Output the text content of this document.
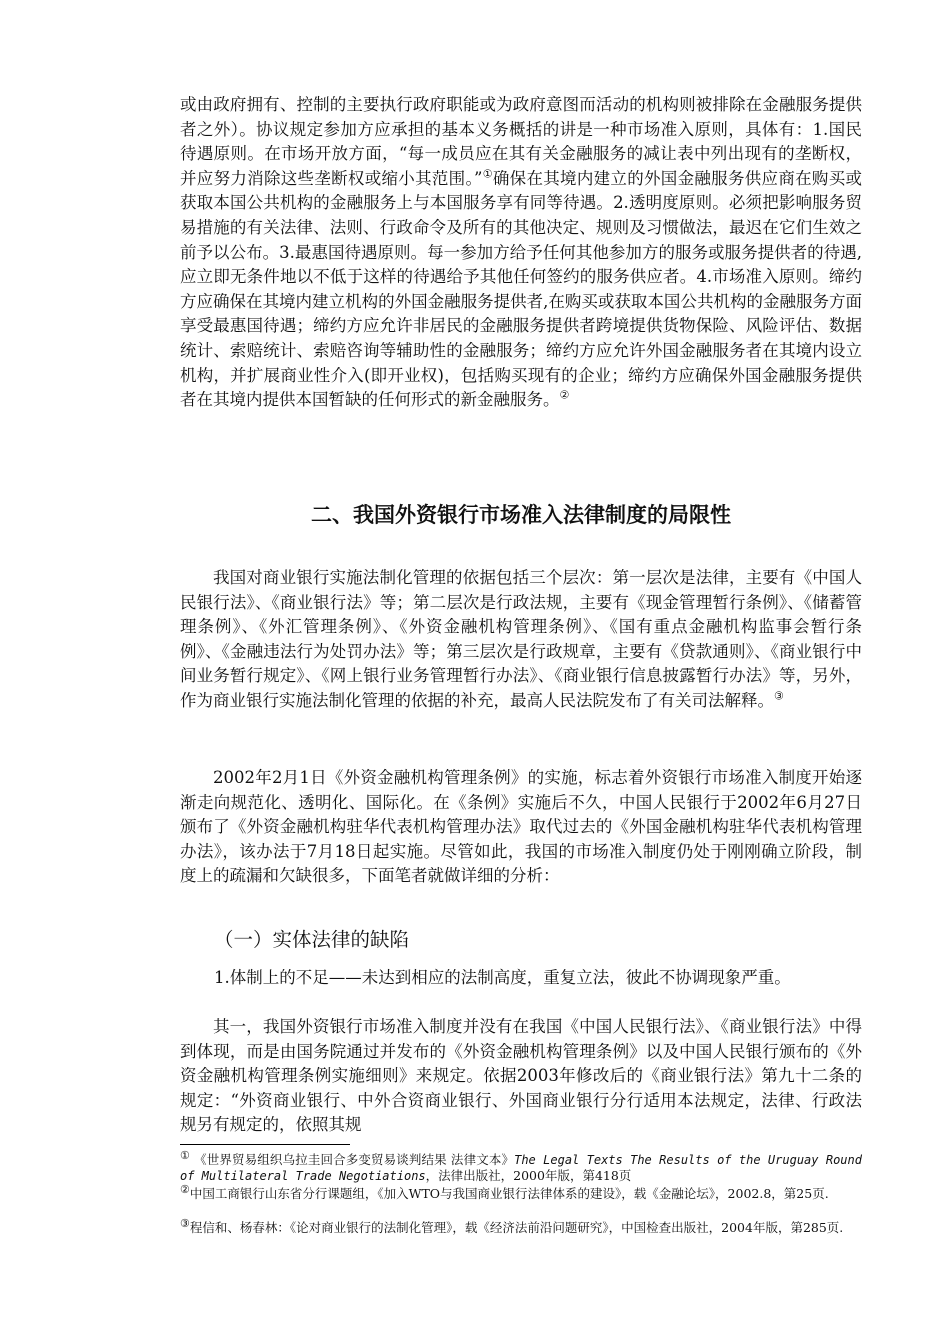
或由政府拥有、控制的主要执行政府职能或为政府意图而活动的机构则被排除在金融服务提供者之外）。协议规定参加方应承担的基本义务概括的讲是一种市场准入原则，具体有：1.国民待遇原则。在市场开放方面，“每一成员应在其有关金融服务的减让表中列出现有的垄断权，并应努力消除这些垄断权或缩小其范围。”①确保在其境内建立的外国金融服务供应商在购买或获取本国公共机构的金融服务上与本国服务享有同等待遇。2.透明度原则。必须把影响服务贸易措施的有关法律、法则、行政命令及所有的其他决定、规则及习惯做法，最迟在它们生效之前予以公布。3.最惠国待遇原则。每一参加方给予任何其他参加方的服务或服务提供者的待遇,应立即无条件地以不低于这样的待遇给予其他任何签约的服务供应者。4.市场准入原则。缔约方应确保在其境内建立机构的外国金融服务提供者,在购买或获取本国公共机构的金融服务方面享受最惠国待遇；缔约方应允许非居民的金融服务提供者跨境提供货物保险、风险评估、数据统计、索赔统计、索赔咨询等辅助性的金融服务；缔约方应允许外国金融服务者在其境内设立机构，并扩展商业性介入(即开业权)，包括购买现有的企业；缔约方应确保外国金融服务提供者在其境内提供本国暂缺的任何形式的新金融服务。②

二、我国外资银行市场准入法律制度的局限性

我国对商业银行实施法制化管理的依据包括三个层次：第一层次是法律，主要有《中国人民银行法》、《商业银行法》等；第二层次是行政法规，主要有《现金管理暂行条例》、《储蓄管理条例》、《外汇管理条例》、《外资金融机构管理条例》、《国有重点金融机构监事会暂行条例》、《金融违法行为处罚办法》等；第三层次是行政规章，主要有《贷款通则》、《商业银行中间业务暂行规定》、《网上银行业务管理暂行办法》、《商业银行信息披露暂行办法》等，另外，作为商业银行实施法制化管理的依据的补充，最高人民法院发布了有关司法解释。③

2002年2月1日《外资金融机构管理条例》的实施，标志着外资银行市场准入制度开始逐渐走向规范化、透明化、国际化。在《条例》实施后不久，中国人民银行于2002年6月27日颁布了《外资金融机构驻华代表机构管理办法》取代过去的《外国金融机构驻华代表机构管理办法》，该办法于7月18日起实施。尽管如此，我国的市场准入制度仍处于刚刚确立阶段，制度上的疏漏和欠缺很多，下面笔者就做详细的分析：

（一）实体法律的缺陷

1.体制上的不足——未达到相应的法制高度，重复立法，彼此不协调现象严重。

其一，我国外资银行市场准入制度并没有在我国《中国人民银行法》、《商业银行法》中得到体现，而是由国务院通过并发布的《外资金融机构管理条例》以及中国人民银行颁布的《外资金融机构管理条例实施细则》来规定。依据2003年修改后的《商业银行法》第九十二条的规定：“外资商业银行、中外合资商业银行、外国商业银行分行适用本法规定，法律、行政法规另有规定的，依照其规

① 《世界贸易组织乌拉圭回合多变贸易谈判结果 法律文本》The Legal Texts The Results of the Uruguay Round of Multilateral Trade Negotiations，法律出版社，2000年版，第418页

②中国工商银行山东省分行课题组，《加入WTO与我国商业银行法律体系的建设》，载《金融论坛》，2002.8，第25页.

③程信和、杨春林：《论对商业银行的法制化管理》，载《经济法前沿问题研究》，中国检查出版社，2004年版，第285页.
